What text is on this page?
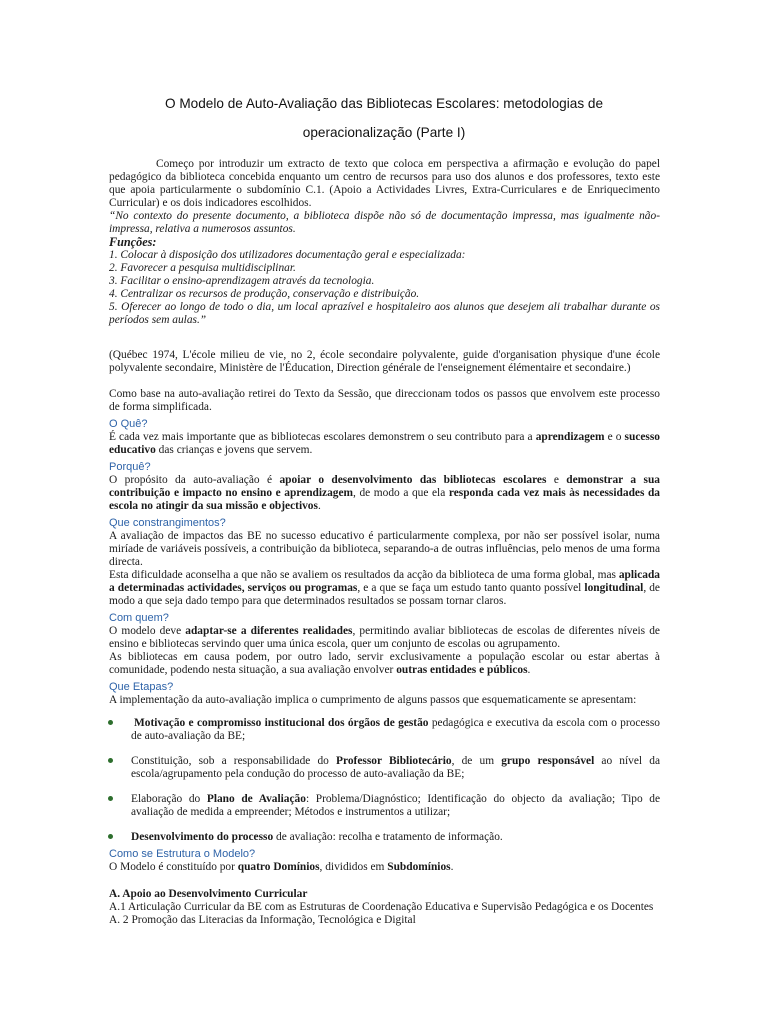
O Modelo de Auto-Avaliação das Bibliotecas Escolares: metodologias de
operacionalização (Parte I)

Começo por introduzir um extracto de texto que coloca em perspectiva a afirmação e evolução do papel pedagógico da biblioteca concebida enquanto um centro de recursos para uso dos alunos e dos professores, texto este que apoia particularmente o subdomínio C.1. (Apoio a Actividades Livres, Extra-Curriculares e de Enriquecimento Curricular) e os dois indicadores escolhidos.

“No contexto do presente documento, a biblioteca dispõe não só de documentação impressa, mas igualmente não-impressa, relativa a numerosos assuntos.

Funções:

1. Colocar à disposição dos utilizadores documentação geral e especializada:

2. Favorecer a pesquisa multidisciplinar.

3. Facilitar o ensino-aprendizagem através da tecnologia.

4. Centralizar os recursos de produção, conservação e distribuição.

5. Oferecer ao longo de todo o dia, um local aprazível e hospitaleiro aos alunos que desejem ali trabalhar durante os períodos sem aulas.”

(Québec 1974, L'école milieu de vie, no 2, école secondaire polyvalente, guide d'organisation physique d'une école polyvalente secondaire, Ministère de l'Éducation, Direction générale de l'enseignement élémentaire et secondaire.)

Como base na auto-avaliação retirei do Texto da Sessão, que direccionam todos os passos que envolvem este processo de forma simplificada.

O Quê?

É cada vez mais importante que as bibliotecas escolares demonstrem o seu contributo para a aprendizagem e o sucesso educativo das crianças e jovens que servem.

Porquê?

O propósito da auto-avaliação é apoiar o desenvolvimento das bibliotecas escolares e demonstrar a sua contribuição e impacto no ensino e aprendizagem, de modo a que ela responda cada vez mais às necessidades da escola no atingir da sua missão e objectivos.

Que constrangimentos?

A avaliação de impactos das BE no sucesso educativo é particularmente complexa, por não ser possível isolar, numa miríade de variáveis possíveis, a contribuição da biblioteca, separando-a de outras influências, pelo menos de uma forma directa.

Esta dificuldade aconselha a que não se avaliem os resultados da acção da biblioteca de uma forma global, mas aplicada a determinadas actividades, serviços ou programas, e a que se faça um estudo tanto quanto possível longitudinal, de modo a que seja dado tempo para que determinados resultados se possam tornar claros.

Com quem?

O modelo deve adaptar-se a diferentes realidades, permitindo avaliar bibliotecas de escolas de diferentes níveis de ensino e bibliotecas servindo quer uma única escola, quer um conjunto de escolas ou agrupamento.

As bibliotecas em causa podem, por outro lado, servir exclusivamente a população escolar ou estar abertas à comunidade, podendo nesta situação, a sua avaliação envolver outras entidades e públicos.

Que Etapas?

A implementação da auto-avaliação implica o cumprimento de alguns passos que esquematicamente se apresentam:

Motivação e compromisso institucional dos órgãos de gestão pedagógica e executiva da escola com o processo de auto-avaliação da BE;
Constituição, sob a responsabilidade do Professor Bibliotecário, de um grupo responsável ao nível da escola/agrupamento pela condução do processo de auto-avaliação da BE;
Elaboração do Plano de Avaliação: Problema/Diagnóstico; Identificação do objecto da avaliação; Tipo de avaliação de medida a empreender; Métodos e instrumentos a utilizar;
Desenvolvimento do processo de avaliação: recolha e tratamento de informação.

Como se Estrutura o Modelo?

O Modelo é constituído por quatro Domínios, divididos em Subdomínios.

A. Apoio ao Desenvolvimento Curricular

A.1 Articulação Curricular da BE com as Estruturas de Coordenação Educativa e Supervisão Pedagógica e os Docentes

A. 2 Promoção das Literacias da Informação, Tecnológica e Digital
